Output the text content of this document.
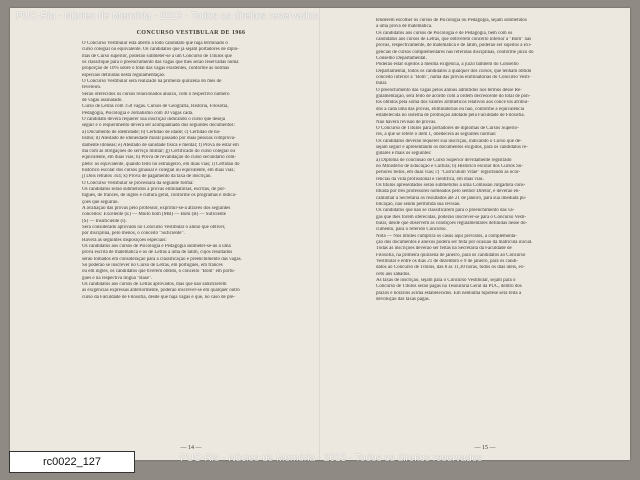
CONCURSO VESTIBULAR DE 1966

O Concurso Vestibular está aberto a todo candidato que haja terminado o

curso colegial ou equivalente. Os candidatos que já sejam portadores de diplo-

mas de Curso superior, poderão submeter-se a um Concurso de Títulos que

os classifique para o preenchimento das vagas que lhes serão reservadas numa

proporção de 10% sobre o total das vagas existentes, conforme as normas

especiais definidas nesta regulamentação.

O Concurso Vestibular será realizado na primeira quinzena do mês de

fevereiro.

Serão oferecidos os cursos relacionados abaixo, com o respectivo número

de vagas assinalado.

Curso de Letras com 150 vagas. Cursos de Geografia, História, Filosofia,

Pedagogia, Psicologia e Jornalismo com 30 vagas cada.

O candidato deverá requerer sua inscrição indicando o curso que deseja

seguir e o requerimento deverá ser acompanhado dos seguintes documentos:

a) Documento de identidade; b) Certidão de idade; c) Certidão de ba-

tismo; d) Atestado de idoneidade moral passado por duas pessoas comprova-

damente idôneas; e) Atestado de sanidade física e mental; f) Prova de estar em

dia com as obrigações do serviço militar; g) Certificado do curso colegial ou

equivalente, em duas vias; h) Prova de revalidação do curso secundário com-

pleto: os equivalente, quando feito no estrangeiro, em duas vias; i) Certidão do

histórico escolar dos cursos ginasial e colegial ou equivalente, em duas vias;

j) Dois retratos 3x4; k) Prova de pagamento da taxa de inscrição.

O Concurso Vestibular se processará da seguinte forma:

Os candidatos serão submetidos a provas eliminatórias, escritas, de por-

tuguês, de francês, de inglês e cultura geral, conforme os programas e indica-

ções que seguirão.

A avaliação das provas pelo professor, exprimir-se-á através dos seguintes

conceitos: Excelente (E) — Muito bom (MB) — Bom (B) — Suficiente

(S) — Insuficiente (I).

Será considerado aprovado no Concurso Vestibular o aluno que obtiver,

por disciplina, pelo menos, o conceito "Suficiente".

Haverá as seguintes disposições especiais:

Os candidatos aos cursos de Psicologia e Pedagogia submeter-se-ão a uma

prova escrita de matemática e os de Letras a uma de latim, cujos resultados

serão tomados em consideração para a classificação e preenchimento das vagas.

Só poderão se inscrever no Curso de Letras, em português, em francês

ou em inglês, os candidatos que tiverem obtido, o conceito "Bom" em portu-

guês e na respectiva língua "Base".

Os candidatos aos cursos de Letras aprovados, mas que não satisfizerem

as exigências expressas anteriormente, poderão inscrever-se em qualquer outro

curso da Faculdade de Filosofia, desde que haja vagas e que, no caso de pre-

— 14 —

tenderem escolher os cursos de Psicologia ou Pedagogia, sejam submetidos

a uma prova de matemática.

Os candidatos aos cursos de Psicologia e de Pedagogia, bem com os

candidatos aos cursos de Letras, que obtiverem conceito inferior a "Bom" nas

provas, respectivamente, de matemática e de latim, poderão ser sujeitos à exi-

gências de cursos complementares nas referidas disciplinas, conforme juízo do

Conselho Departamental.

Poderão estar sujeitos à mesma exigência, a juízo também do Conselho

Departamental, todos os candidatos a qualquer dos cursos, que tenham obtido

conceito inferior a "Bom", numa das provas eliminatórias do Concurso Vesti-

bular.

O preenchimento das vagas pelos alunos admitidos nos têrmos dêsse Re-

gulamentação, será feito de acôrdo com a ordem decrescente do total de pon-

tos obtidos pela soma dos valores aritméticos relativos aos conce tos atribuí-

dos a cada uma das provas, eliminatórias ou não, conforme a equivalência

estabelecida no sistema de promoção adotado pela Faculdade de Filosofia.

Não haverá revisão de provas.

O Concurso de Títulos para portadores de diplomas de Cursos Superio-

res, a que se refere o item 1, obedecerá às seguintes normas:

Os candidatos deverão requerer sua inscrição, indicando o Curso que de-

sejam seguir e apresentando os documentos exigidos, para os candidatos re-

gulares e mais os seguintes:

a) Diploma de conclusão de Curso Superior devidamente registrado

no Ministério de Educação e Cultura; b) Histórico escolar dos Cursos Su-

periores feitos, em duas vias; c) "Curriculum Vitae" registrando as ocor-

rências da vida profissional e científica, em duas vias.

Os títulos apresentados serão submetidos a uma Comissão Julgadora cons-

tituída por três professores nomeados pelo senhor Diretor, e deverão en-

caminhar à Secretaria os resultados até 21 de janeiro, para sua imediata pu-

blicação, não sendo permitida sua revisão.

Os candidatos que não se classificarem para o preenchimento das va-

gas que lhes forem oferecidas, poderão inscrever-se para o Concurso Vesti-

bular, desde que observem as condições regulamentares definidas nesse do-

cumento, para o referido Concurso.

Nota — Nos limites cumprirá os casos aqui previstos, a complementa-

ção dos documentos e anexos poderá ser feita por ocasião da matrícula inicial.

Todas as inscrições deverão ser feitas na Secretaria da Faculdade de

Filosofia, na primeira quinzena de janeiro, para os candidatos ao Concurso

Vestibular e entre os dias 21 de dezembro e 9 de janeiro, para os candi-

datos ao Concurso de Títulos, das 8 às 11,30 horas, todos os dias úteis, ex-

ceto aos sábados.

As taxas de inscrição, sejam para o Concurso Vestibular, sejam para o

Concurso de Títulos serão pagas na Tesouraria Geral da PUC, dentro dos

prazos e horários acima estabelecidos. Em nenhuma hipótese será feita a

devolução das taxas pagas.

— 15 —
PUC-Rio - Núcleo de Memória - 2013 - Todos os direitos reservados
PUC-Rio - Núcleo de Memória - 2013 - Todos os direitos reservados
rc0022_127
